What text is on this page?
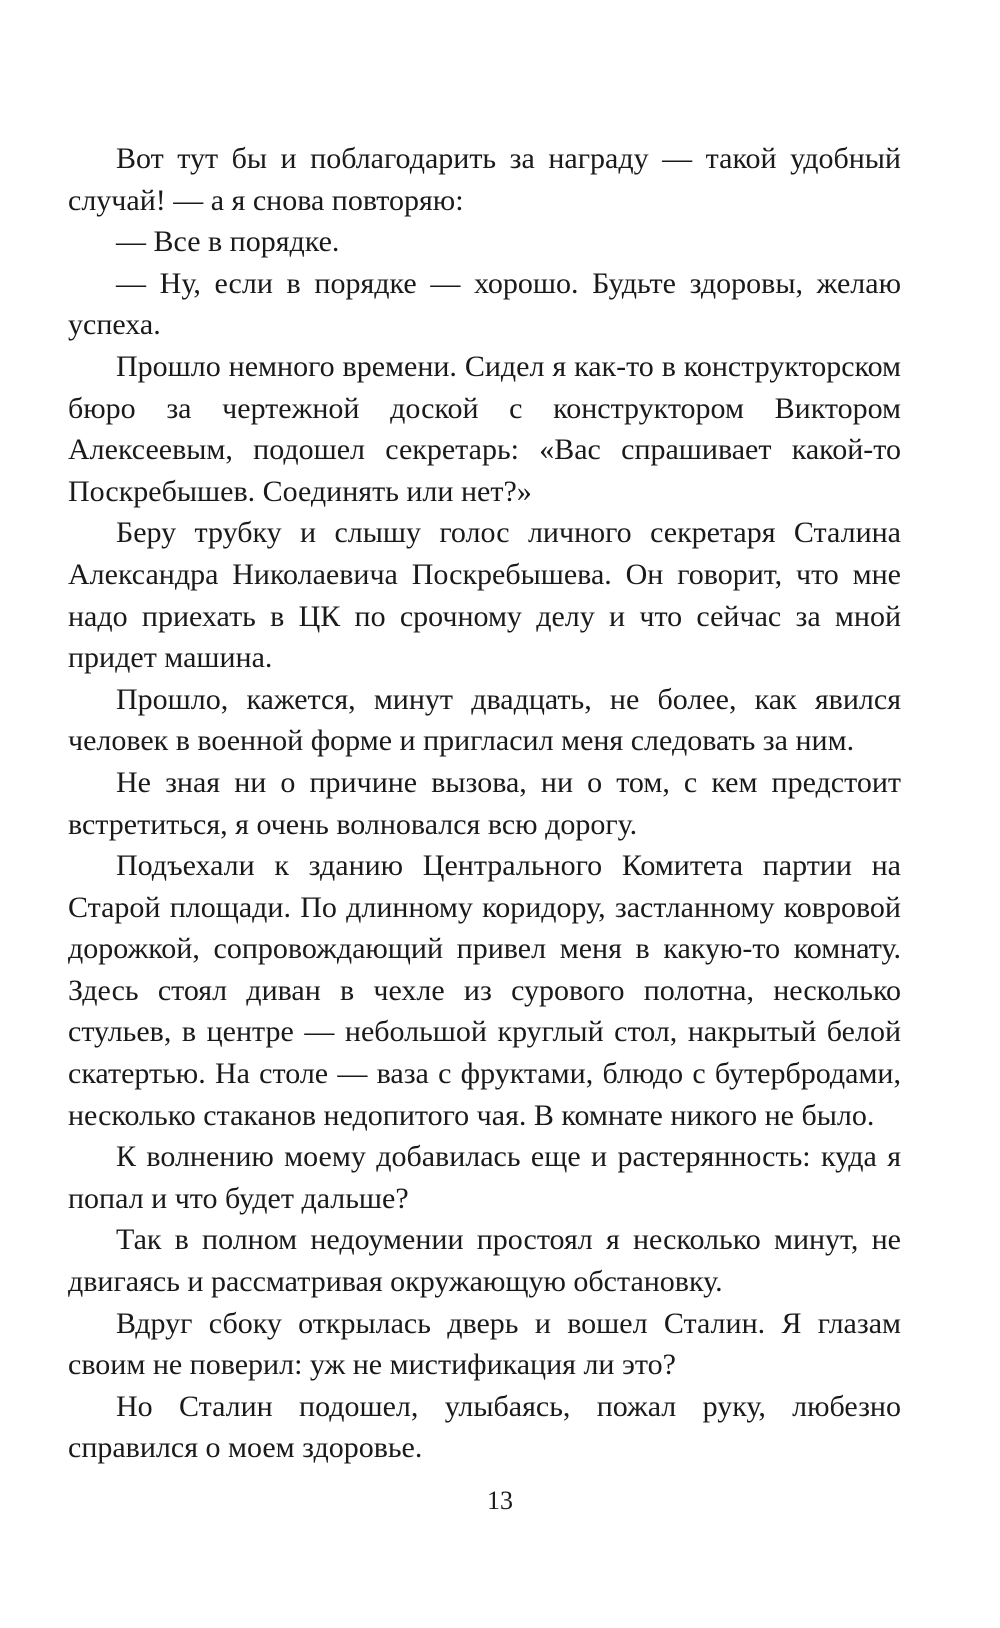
Вот тут бы и поблагодарить за награду — такой удобный случай! — а я снова повторяю:

— Все в порядке.

— Ну, если в порядке — хорошо. Будьте здоровы, желаю успеха.

Прошло немного времени. Сидел я как-то в конструкторском бюро за чертежной доской с конструктором Виктором Алексеевым, подошел секретарь: «Вас спрашивает какой-то Поскребышев. Соединять или нет?»

Беру трубку и слышу голос личного секретаря Сталина Александра Николаевича Поскребышева. Он говорит, что мне надо приехать в ЦК по срочному делу и что сейчас за мной придет машина.

Прошло, кажется, минут двадцать, не более, как явился человек в военной форме и пригласил меня следовать за ним.

Не зная ни о причине вызова, ни о том, с кем предстоит встретиться, я очень волновался всю дорогу.

Подъехали к зданию Центрального Комитета партии на Старой площади. По длинному коридору, застланному ковровой дорожкой, сопровождающий привел меня в какую-то комнату. Здесь стоял диван в чехле из сурового полотна, несколько стульев, в центре — небольшой круглый стол, накрытый белой скатертью. На столе — ваза с фруктами, блюдо с бутербродами, несколько стаканов недопитого чая. В комнате никого не было.

К волнению моему добавилась еще и растерянность: куда я попал и что будет дальше?

Так в полном недоумении простоял я несколько минут, не двигаясь и рассматривая окружающую обстановку.

Вдруг сбоку открылась дверь и вошел Сталин. Я глазам своим не поверил: уж не мистификация ли это?

Но Сталин подошел, улыбаясь, пожал руку, любезно справился о моем здоровье.

13
